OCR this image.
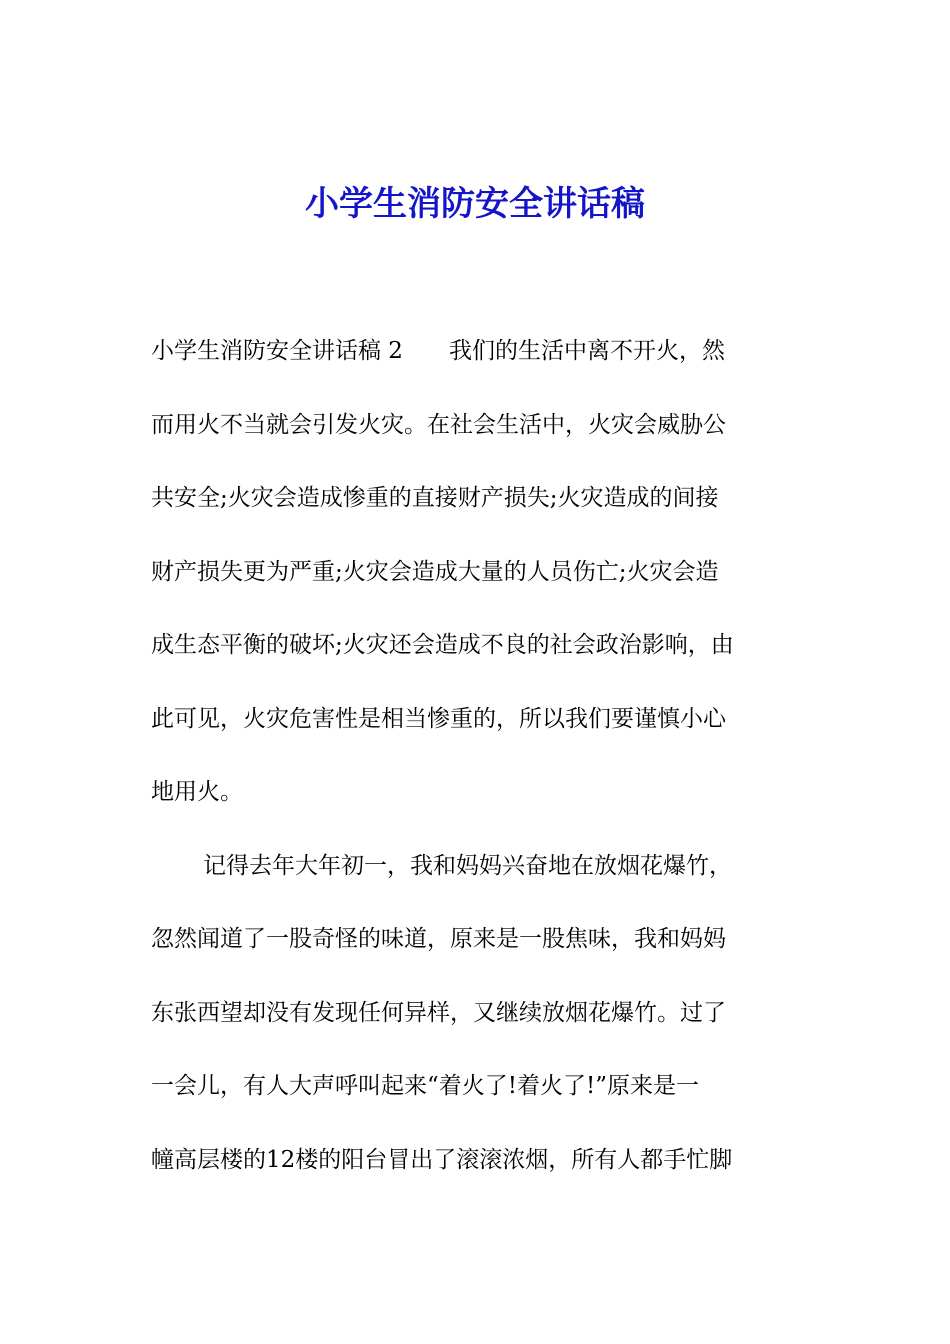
小学生消防安全讲话稿
小学生消防安全讲话稿 2 我们的生活中离不开火，然
而用火不当就会引发火灾。在社会生活中，火灾会威胁公
共安全;火灾会造成惨重的直接财产损失;火灾造成的间接
财产损失更为严重;火灾会造成大量的人员伤亡;火灾会造
成生态平衡的破坏;火灾还会造成不良的社会政治影响，由
此可见，火灾危害性是相当惨重的，所以我们要谨慎小心
地用火。
记得去年大年初一，我和妈妈兴奋地在放烟花爆竹，
忽然闻道了一股奇怪的味道，原来是一股焦味，我和妈妈
东张西望却没有发现任何异样，又继续放烟花爆竹。过了
一会儿，有人大声呼叫起来“着火了!着火了!”原来是一
幢高层楼的12楼的阳台冒出了滚滚浓烟，所有人都手忙脚
